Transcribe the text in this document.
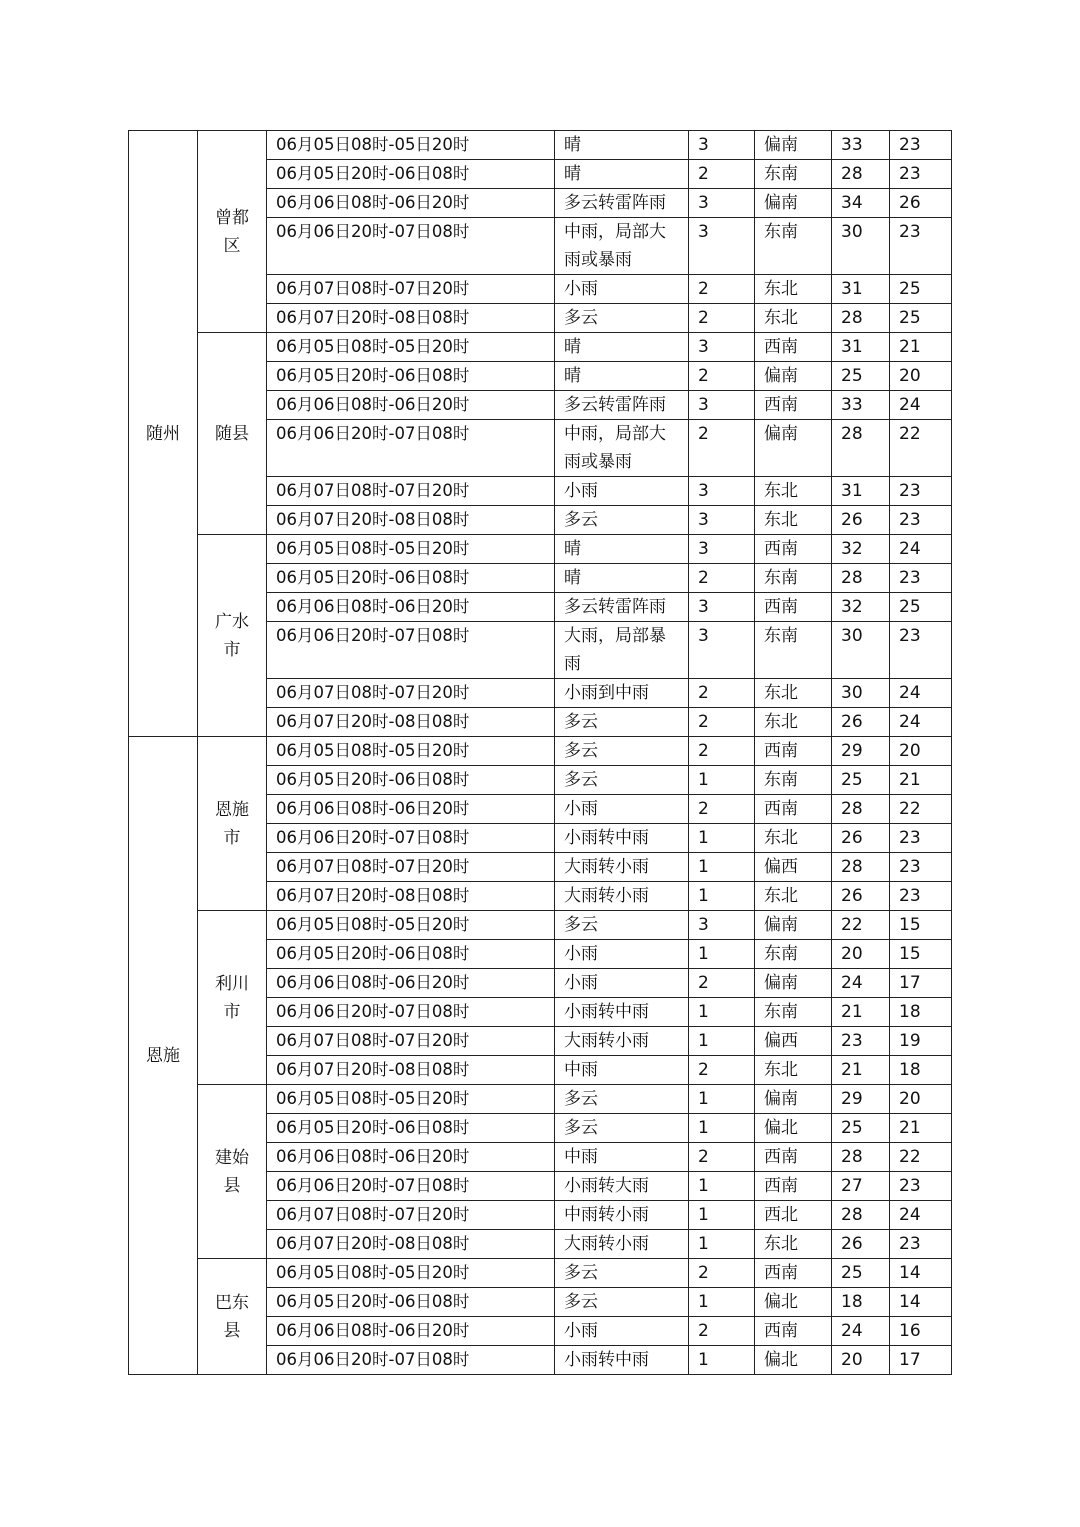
随州	曾都区	06月05日08时-05日20时	晴	3	偏南	33	23
		06月05日20时-06日08时	晴	2	东南	28	23
		06月06日08时-06日20时	多云转雷阵雨	3	偏南	34	26
		06月06日20时-07日08时	中雨，局部大雨或暴雨	3	东南	30	23
		06月07日08时-07日20时	小雨	2	东北	31	25
		06月07日20时-08日08时	多云	2	东北	28	25
	随县	06月05日08时-05日20时	晴	3	西南	31	21
		06月05日20时-06日08时	晴	2	偏南	25	20
		06月06日08时-06日20时	多云转雷阵雨	3	西南	33	24
		06月06日20时-07日08时	中雨，局部大雨或暴雨	2	偏南	28	22
		06月07日08时-07日20时	小雨	3	东北	31	23
		06月07日20时-08日08时	多云	3	东北	26	23
	广水市	06月05日08时-05日20时	晴	3	西南	32	24
		06月05日20时-06日08时	晴	2	东南	28	23
		06月06日08时-06日20时	多云转雷阵雨	3	西南	32	25
		06月06日20时-07日08时	大雨，局部暴雨	3	东南	30	23
		06月07日08时-07日20时	小雨到中雨	2	东北	30	24
		06月07日20时-08日08时	多云	2	东北	26	24
恩施	恩施市	06月05日08时-05日20时	多云	2	西南	29	20
		06月05日20时-06日08时	多云	1	东南	25	21
		06月06日08时-06日20时	小雨	2	西南	28	22
		06月06日20时-07日08时	小雨转中雨	1	东北	26	23
		06月07日08时-07日20时	大雨转小雨	1	偏西	28	23
		06月07日20时-08日08时	大雨转小雨	1	东北	26	23
	利川市	06月05日08时-05日20时	多云	3	偏南	22	15
		06月05日20时-06日08时	小雨	1	东南	20	15
		06月06日08时-06日20时	小雨	2	偏南	24	17
		06月06日20时-07日08时	小雨转中雨	1	东南	21	18
		06月07日08时-07日20时	大雨转小雨	1	偏西	23	19
		06月07日20时-08日08时	中雨	2	东北	21	18
	建始县	06月05日08时-05日20时	多云	1	偏南	29	20
		06月05日20时-06日08时	多云	1	偏北	25	21
		06月06日08时-06日20时	中雨	2	西南	28	22
		06月06日20时-07日08时	小雨转大雨	1	西南	27	23
		06月07日08时-07日20时	中雨转小雨	1	西北	28	24
		06月07日20时-08日08时	大雨转小雨	1	东北	26	23
	巴东县	06月05日08时-05日20时	多云	2	西南	25	14
		06月05日20时-06日08时	多云	1	偏北	18	14
		06月06日08时-06日20时	小雨	2	西南	24	16
		06月06日20时-07日08时	小雨转中雨	1	偏北	20	17
